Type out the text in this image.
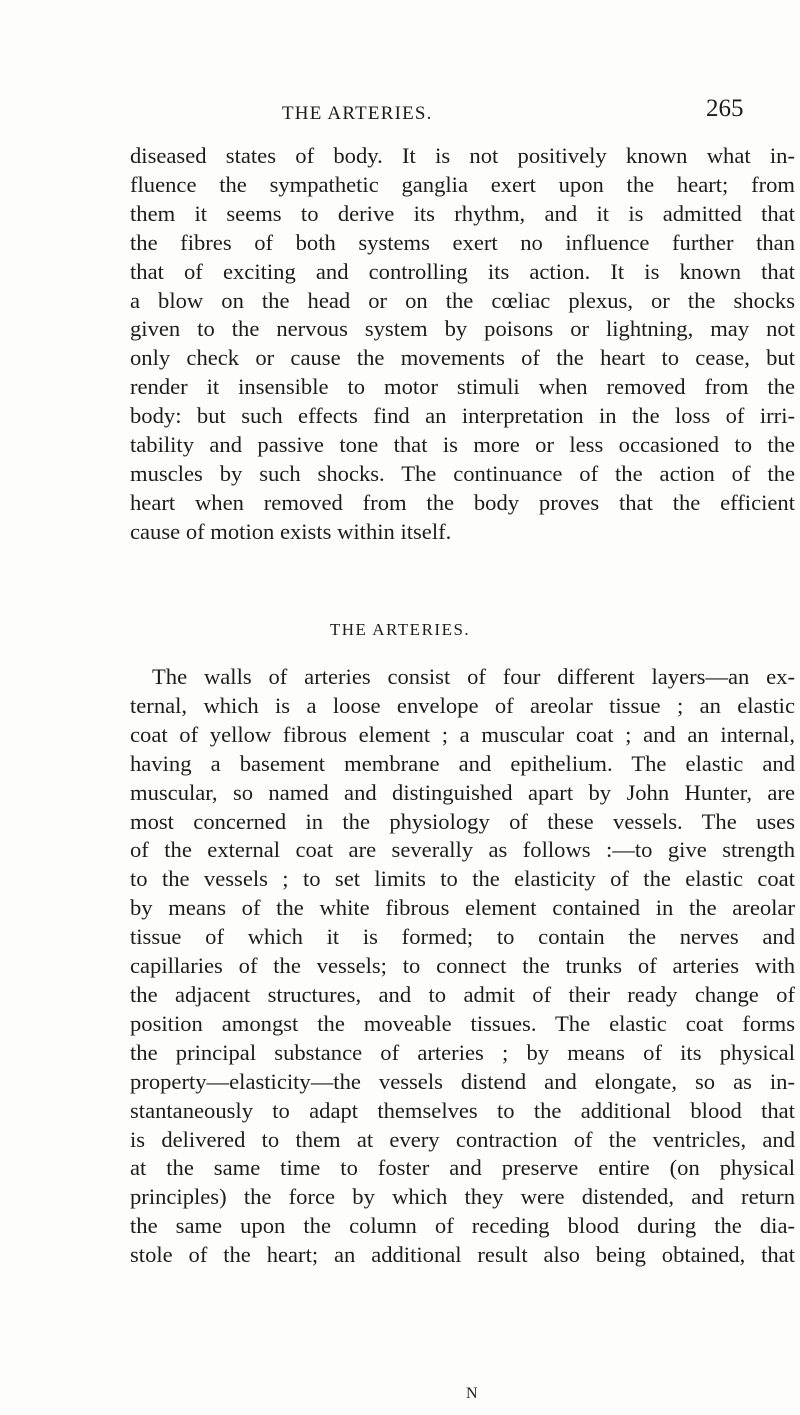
THE ARTERIES.	265
diseased states of body. It is not positively known what in-
fluence the sympathetic ganglia exert upon the heart; from
them it seems to derive its rhythm, and it is admitted that
the fibres of both systems exert no influence further than
that of exciting and controlling its action. It is known that
a blow on the head or on the cœliac plexus, or the shocks
given to the nervous system by poisons or lightning, may not
only check or cause the movements of the heart to cease, but
render it insensible to motor stimuli when removed from the
body: but such effects find an interpretation in the loss of irri-
tability and passive tone that is more or less occasioned to the
muscles by such shocks. The continuance of the action of the
heart when removed from the body proves that the efficient
cause of motion exists within itself.
THE ARTERIES.
The walls of arteries consist of four different layers—an ex-
ternal, which is a loose envelope of areolar tissue ; an elastic
coat of yellow fibrous element ; a muscular coat ; and an internal,
having a basement membrane and epithelium. The elastic and
muscular, so named and distinguished apart by John Hunter, are
most concerned in the physiology of these vessels. The uses
of the external coat are severally as follows :—to give strength
to the vessels ; to set limits to the elasticity of the elastic coat
by means of the white fibrous element contained in the areolar
tissue of which it is formed; to contain the nerves and
capillaries of the vessels; to connect the trunks of arteries with
the adjacent structures, and to admit of their ready change of
position amongst the moveable tissues. The elastic coat forms
the principal substance of arteries ; by means of its physical
property—elasticity—the vessels distend and elongate, so as in-
stantaneously to adapt themselves to the additional blood that
is delivered to them at every contraction of the ventricles, and
at the same time to foster and preserve entire (on physical
principles) the force by which they were distended, and return
the same upon the column of receding blood during the dia-
stole of the heart; an additional result also being obtained, that
N
